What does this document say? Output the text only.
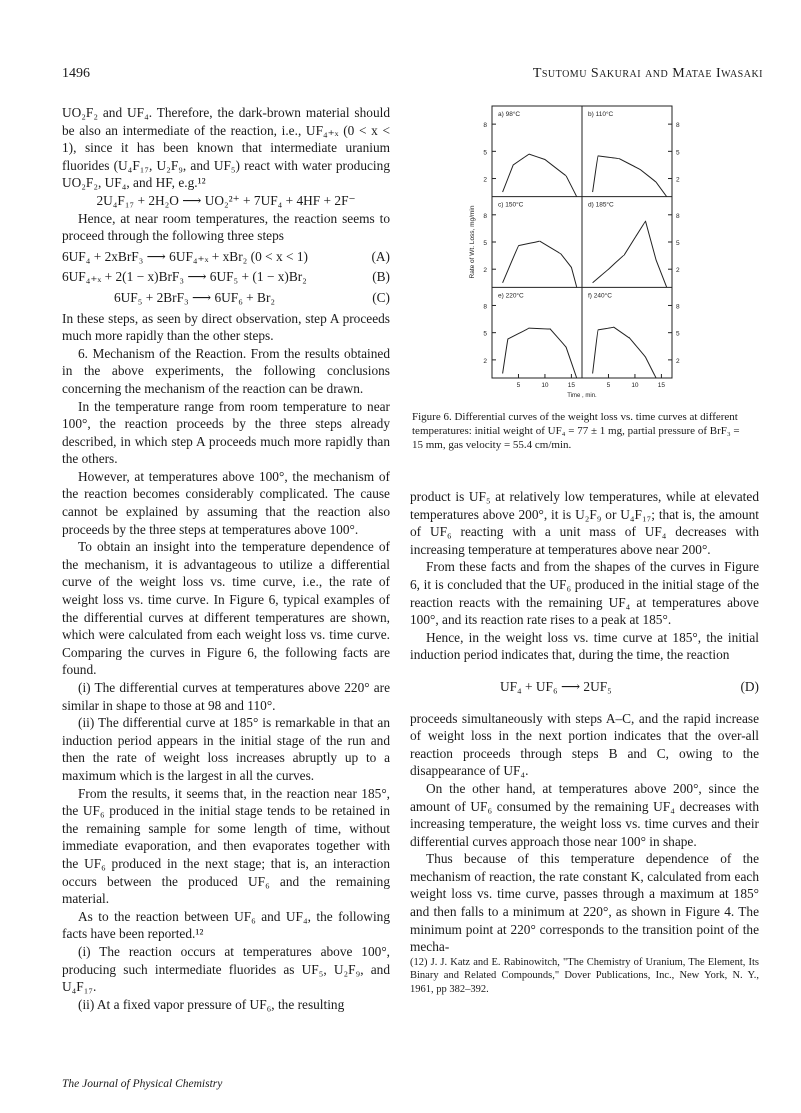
1496	Tsutomu Sakurai and Matae Iwasaki

UO₂F₂ and UF₄. Therefore, the dark-brown material should be also an intermediate of the reaction, i.e., UF₄₊ₓ (0 < x < 1), since it has been known that intermediate uranium fluorides (U₄F₁₇, U₂F₉, and UF₅) react with water producing UO₂F₂, UF₄, and HF, e.g.¹²

2U₄F₁₇ + 2H₂O ⟶ UO₂²⁺ + 7UF₄ + 4HF + 2F⁻

Hence, at near room temperatures, the reaction seems to proceed through the following three steps

6UF₄ + 2xBrF₃ ⟶ 6UF₄₊ₓ + xBr₂ (0 < x < 1)	(A)
6UF₄₊ₓ + 2(1 − x)BrF₃ ⟶ 6UF₅ + (1 − x)Br₂	(B)
6UF₅ + 2BrF₃ ⟶ 6UF₆ + Br₂	(C)

In these steps, as seen by direct observation, step A proceeds much more rapidly than the other steps.

6. Mechanism of the Reaction. From the results obtained in the above experiments, the following conclusions concerning the mechanism of the reaction can be drawn.

In the temperature range from room temperature to near 100°, the reaction proceeds by the three steps already described, in which step A proceeds much more rapidly than the others.

However, at temperatures above 100°, the mechanism of the reaction becomes considerably complicated. The cause cannot be explained by assuming that the reaction also proceeds by the three steps at temperatures above 100°.

To obtain an insight into the temperature dependence of the mechanism, it is advantageous to utilize a differential curve of the weight loss vs. time curve, i.e., the rate of weight loss vs. time curve. In Figure 6, typical examples of the differential curves at different temperatures are shown, which were calculated from each weight loss vs. time curve. Comparing the curves in Figure 6, the following facts are found.

(i) The differential curves at temperatures above 220° are similar in shape to those at 98 and 110°.

(ii) The differential curve at 185° is remarkable in that an induction period appears in the initial stage of the run and then the rate of weight loss increases abruptly up to a maximum which is the largest in all the curves.

From the results, it seems that, in the reaction near 185°, the UF₆ produced in the initial stage tends to be retained in the remaining sample for some length of time, without immediate evaporation, and then evaporates together with the UF₆ produced in the next stage; that is, an interaction occurs between the produced UF₆ and the remaining material.

As to the reaction between UF₆ and UF₄, the following facts have been reported.¹²

(i) The reaction occurs at temperatures above 100°, producing such intermediate fluorides as UF₅, U₂F₉, and U₄F₁₇.

(ii) At a fixed vapor pressure of UF₆, the resulting

8	8
5	5
2	2
8	8
5	5
2	2
8	8
5	5
2	2
5	10	15	5	10	15
Time , min.
Rate of Wt. Loss, mg/min
a) 98°C	b) 110°C
c) 150°C	d) 185°C
e) 220°C	f) 240°C
Figure 6. Differential curves of the weight loss vs. time curves at different temperatures: initial weight of UF₄ = 77 ± 1 mg, partial pressure of BrF₃ = 15 mm, gas velocity = 55.4 cm/min.

product is UF₅ at relatively low temperatures, while at elevated temperatures above 200°, it is U₂F₉ or U₄F₁₇; that is, the amount of UF₆ reacting with a unit mass of UF₄ decreases with increasing temperature at temperatures above near 200°.

From these facts and from the shapes of the curves in Figure 6, it is concluded that the UF₆ produced in the initial stage of the reaction reacts with the remaining UF₄ at temperatures above 100°, and its reaction rate rises to a peak at 185°.

Hence, in the weight loss vs. time curve at 185°, the initial induction period indicates that, during the time, the reaction

UF₄ + UF₆ ⟶ 2UF₅	(D)

proceeds simultaneously with steps A–C, and the rapid increase of weight loss in the next portion indicates that the over-all reaction proceeds through steps B and C, owing to the disappearance of UF₄.

On the other hand, at temperatures above 200°, since the amount of UF₆ consumed by the remaining UF₄ decreases with increasing temperature, the weight loss vs. time curves and their differential curves approach those near 100° in shape.

Thus because of this temperature dependence of the mechanism of reaction, the rate constant K, calculated from each weight loss vs. time curve, passes through a maximum at 185° and then falls to a minimum at 220°, as shown in Figure 4. The minimum point at 220° corresponds to the transition point of the mecha-

(12) J. J. Katz and E. Rabinowitch, "The Chemistry of Uranium, The Element, Its Binary and Related Compounds," Dover Publications, Inc., New York, N. Y., 1961, pp 382–392.

The Journal of Physical Chemistry
